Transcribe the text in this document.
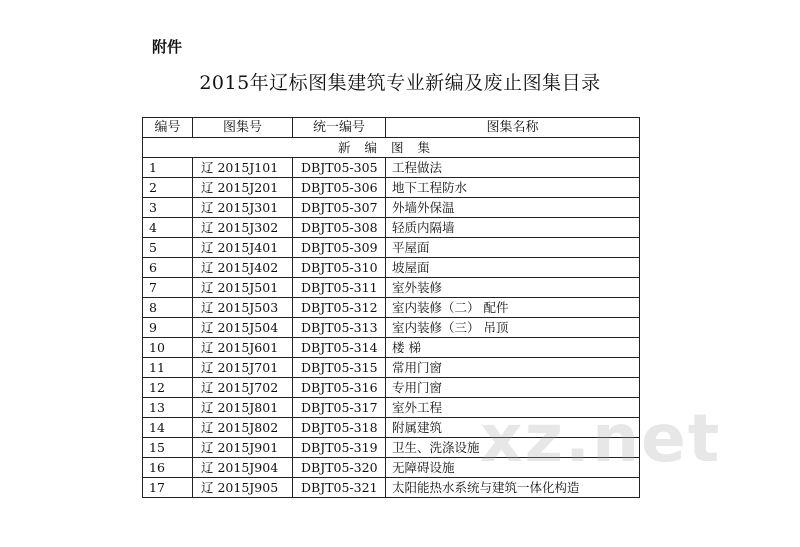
附件
2015年辽标图集建筑专业新编及废止图集目录
编号	图集号	统一编号	图集名称
新编图集			
1	辽 2015J101	DBJT05-305	工程做法
2	辽 2015J201	DBJT05-306	地下工程防水
3	辽 2015J301	DBJT05-307	外墙外保温
4	辽 2015J302	DBJT05-308	轻质内隔墙
5	辽 2015J401	DBJT05-309	平屋面
6	辽 2015J402	DBJT05-310	坡屋面
7	辽 2015J501	DBJT05-311	室外装修
8	辽 2015J503	DBJT05-312	室内装修（二） 配件
9	辽 2015J504	DBJT05-313	室内装修（三） 吊顶
10	辽 2015J601	DBJT05-314	楼 梯
11	辽 2015J701	DBJT05-315	常用门窗
12	辽 2015J702	DBJT05-316	专用门窗
13	辽 2015J801	DBJT05-317	室外工程
14	辽 2015J802	DBJT05-318	附属建筑
15	辽 2015J901	DBJT05-319	卫生、洗涤设施
16	辽 2015J904	DBJT05-320	无障碍设施
17	辽 2015J905	DBJT05-321	太阳能热水系统与建筑一体化构造
xz.net
